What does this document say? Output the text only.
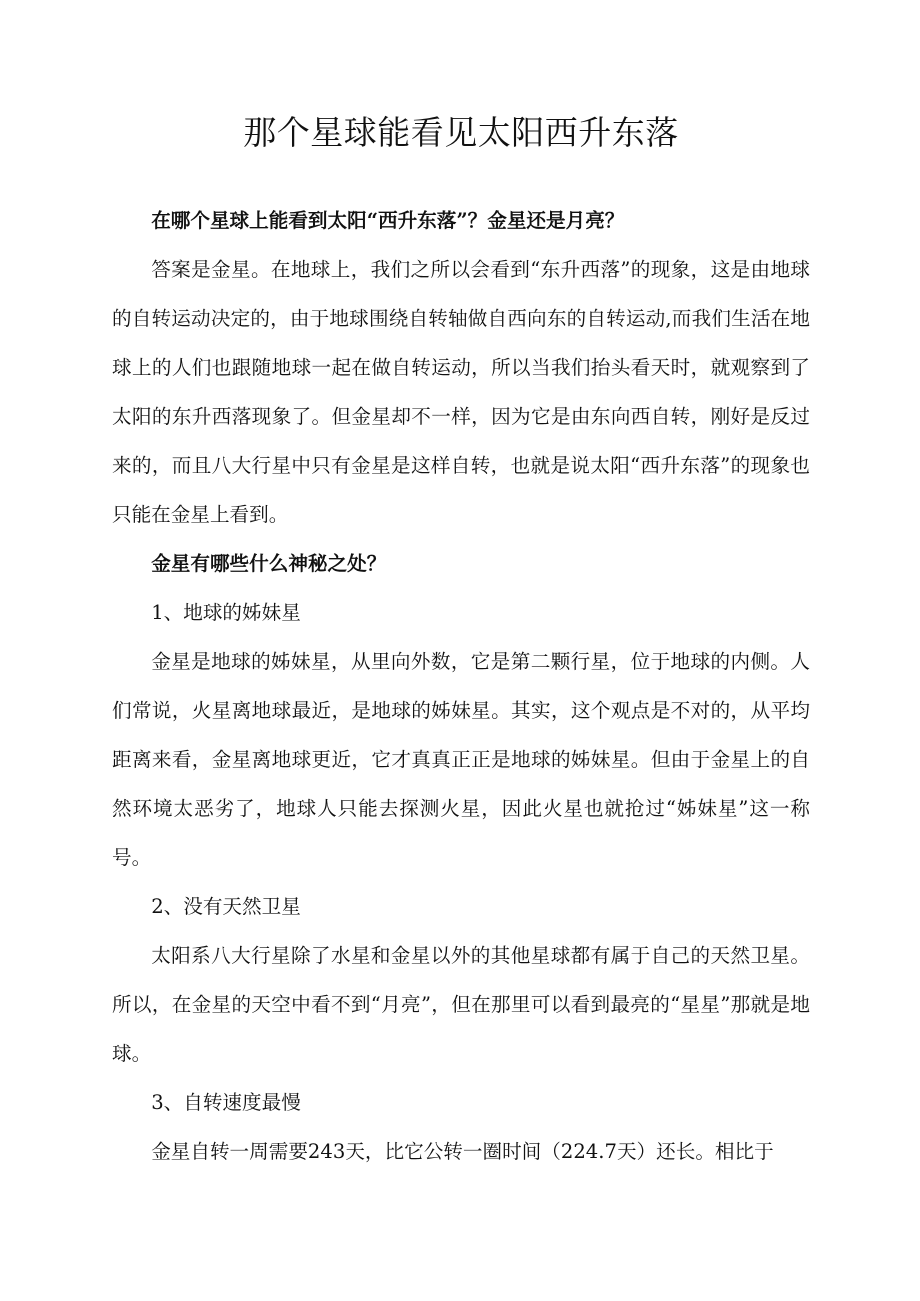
那个星球能看见太阳西升东落

在哪个星球上能看到太阳“西升东落”？金星还是月亮？

答案是金星。在地球上，我们之所以会看到“东升西落”的现象，这是由地球的自转运动决定的，由于地球围绕自转轴做自西向东的自转运动,而我们生活在地球上的人们也跟随地球一起在做自转运动，所以当我们抬头看天时，就观察到了太阳的东升西落现象了。但金星却不一样，因为它是由东向西自转，刚好是反过来的，而且八大行星中只有金星是这样自转，也就是说太阳“西升东落”的现象也只能在金星上看到。

金星有哪些什么神秘之处？

1、地球的姊妹星

金星是地球的姊妹星，从里向外数，它是第二颗行星，位于地球的内侧。人们常说，火星离地球最近，是地球的姊妹星。其实，这个观点是不对的，从平均距离来看，金星离地球更近，它才真真正正是地球的姊妹星。但由于金星上的自然环境太恶劣了，地球人只能去探测火星，因此火星也就抢过“姊妹星”这一称号。

2、没有天然卫星

太阳系八大行星除了水星和金星以外的其他星球都有属于自己的天然卫星。所以，在金星的天空中看不到“月亮”，但在那里可以看到最亮的“星星”那就是地球。

3、自转速度最慢

金星自转一周需要243天，比它公转一圈时间（224.7天）还长。相比于
